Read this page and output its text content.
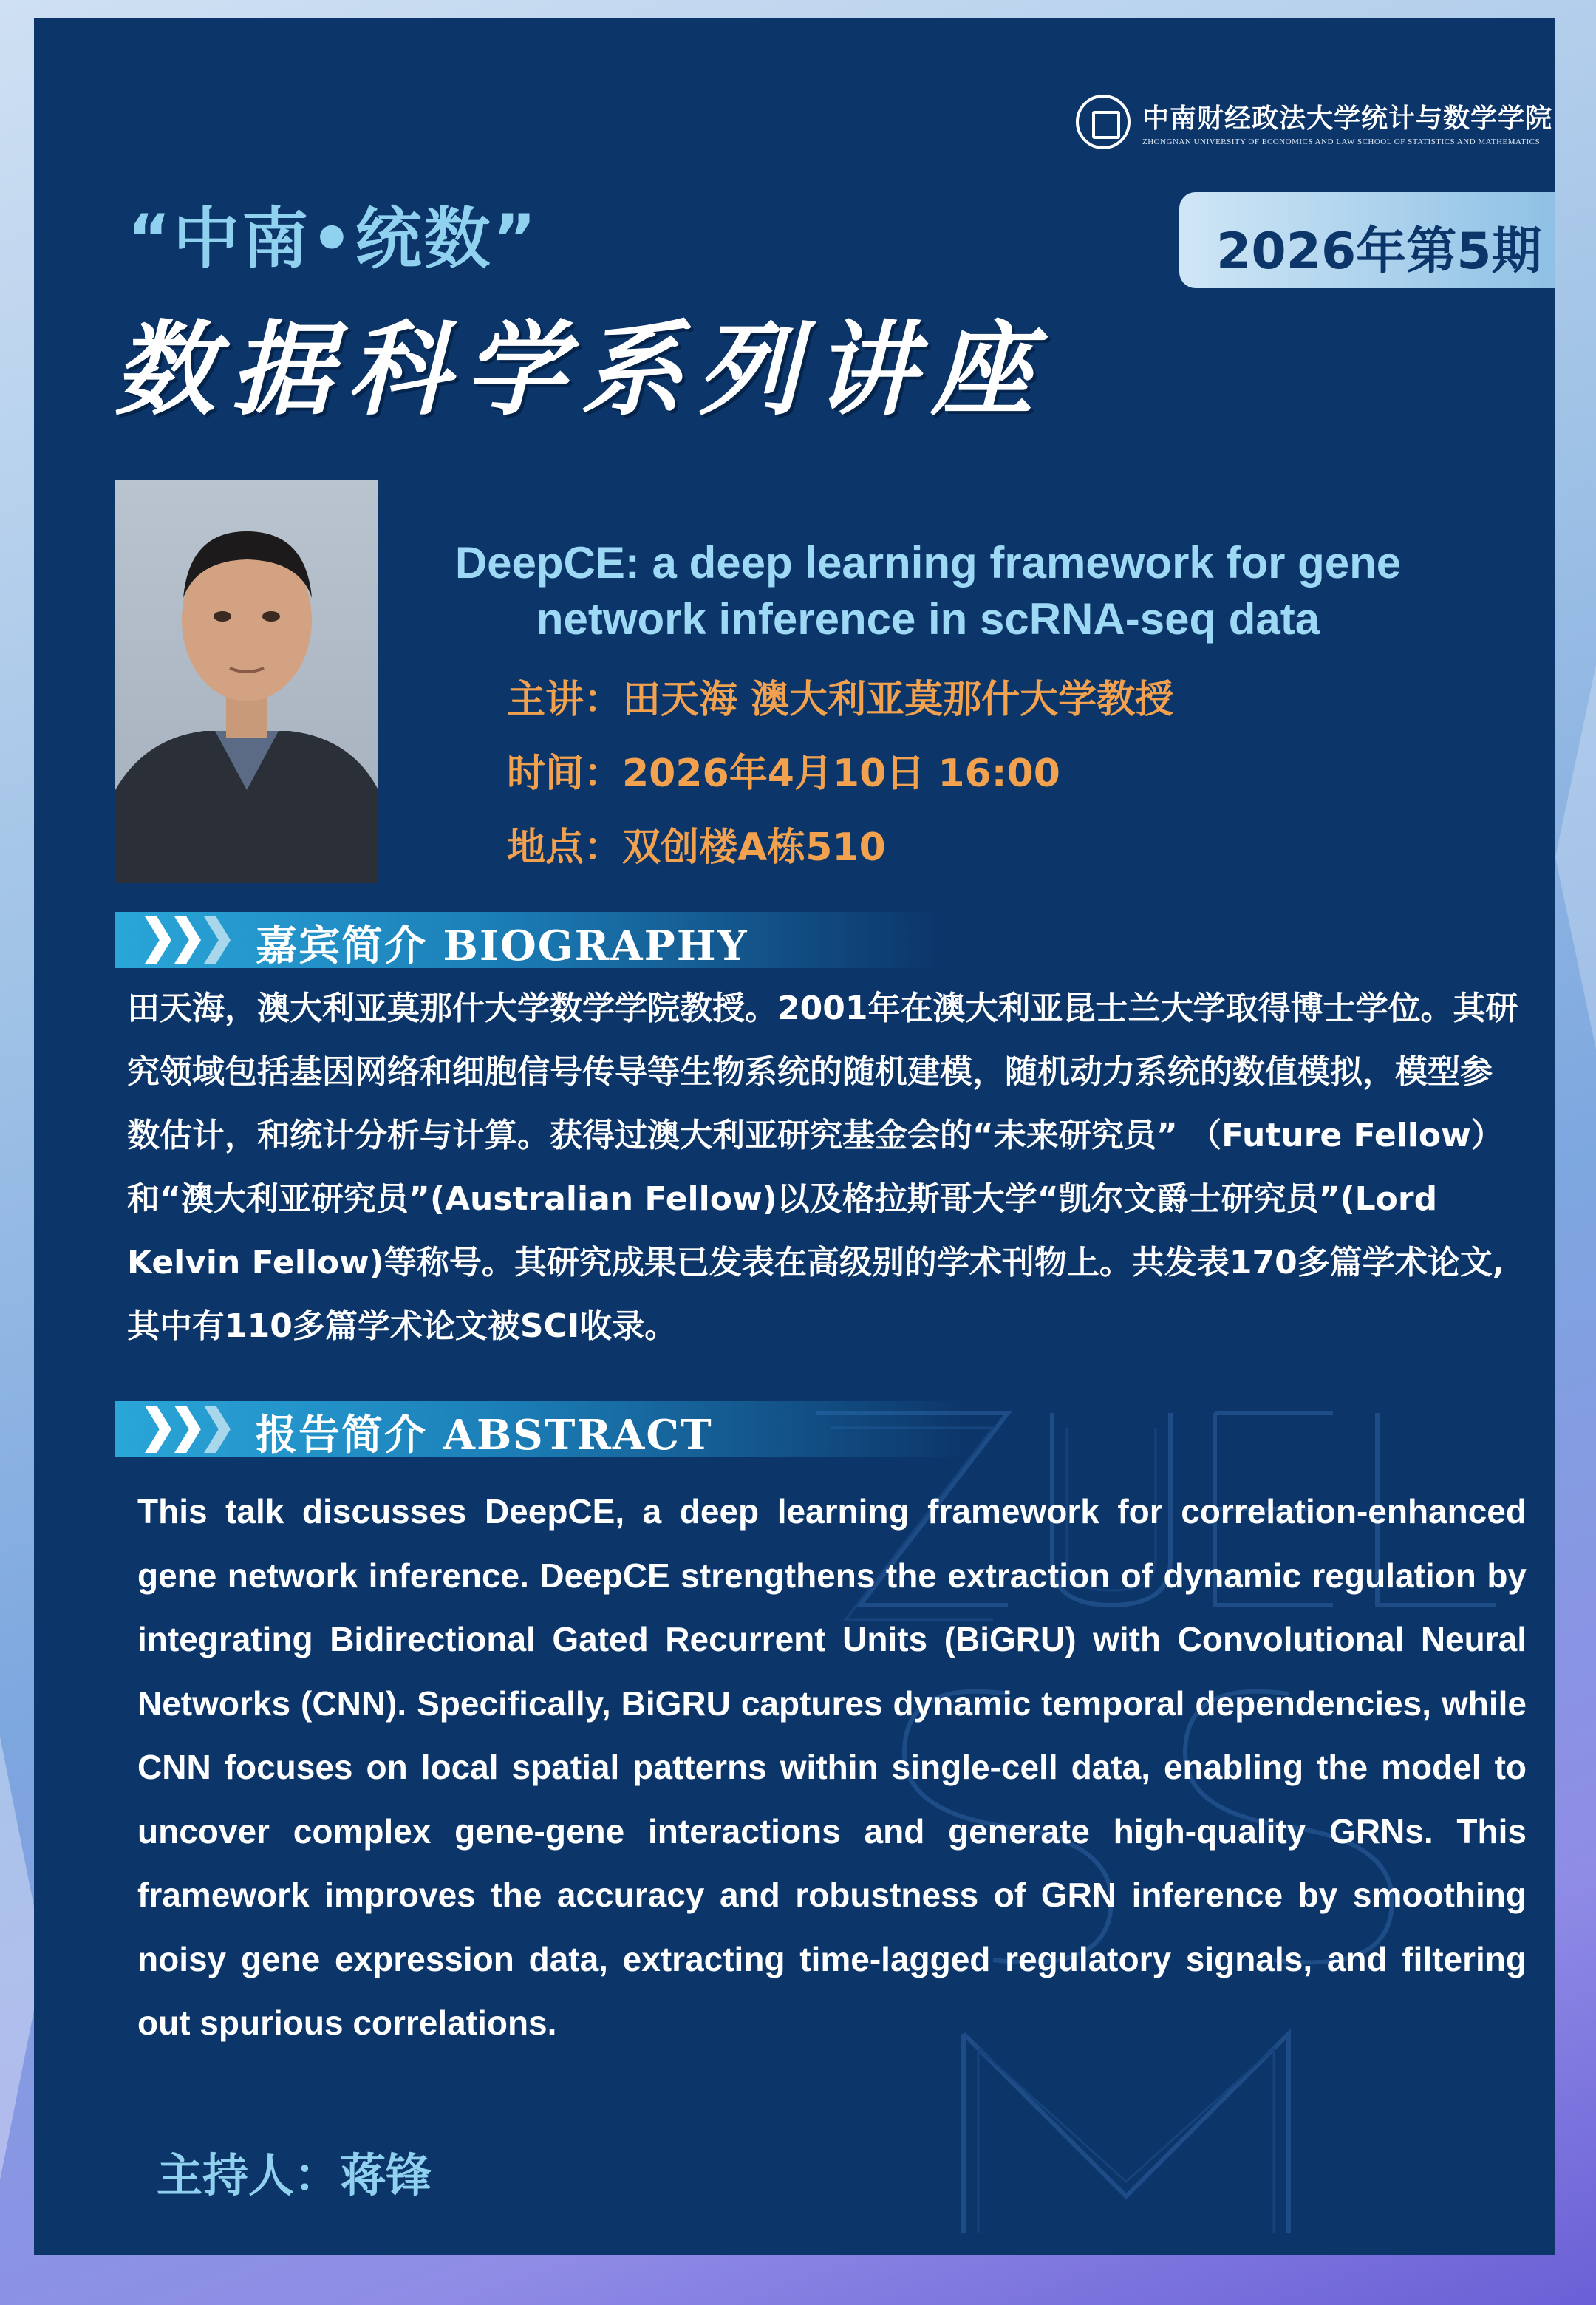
中南财经政法大学统计与数学学院
ZHONGNAN UNIVERSITY OF ECONOMICS AND LAW SCHOOL OF STATISTICS AND MATHEMATICS
“中南•统数”
数据科学系列讲座
2026年第5期
DeepCE: a deep learning framework for gene network inference in scRNA-seq data
主讲：田天海 澳大利亚莫那什大学教授
时间：2026年4月10日 16:00
地点：双创楼A栋510
嘉宾简介 BIOGRAPHY
田天海，澳大利亚莫那什大学数学学院教授。2001年在澳大利亚昆士兰大学取得博士学位。其研究领域包括基因网络和细胞信号传导等生物系统的随机建模，随机动力系统的数值模拟，模型参数估计，和统计分析与计算。获得过澳大利亚研究基金会的“未来研究员” （Future Fellow）和“澳大利亚研究员”(Australian Fellow)以及格拉斯哥大学“凯尔文爵士研究员”(Lord Kelvin Fellow)等称号。其研究成果已发表在高级别的学术刊物上。共发表170多篇学术论文,其中有110多篇学术论文被SCI收录。
报告简介 ABSTRACT
This talk discusses DeepCE, a deep learning framework for correlation-enhanced gene network inference. DeepCE strengthens the extraction of dynamic regulation by integrating Bidirectional Gated Recurrent Units (BiGRU) with Convolutional Neural Networks (CNN). Specifically, BiGRU captures dynamic temporal dependencies, while CNN focuses on local spatial patterns within single-cell data, enabling the model to uncover complex gene-gene interactions and generate high-quality GRNs. This framework improves the accuracy and robustness of GRN inference by smoothing noisy gene expression data, extracting time-lagged regulatory signals, and filtering out spurious correlations.
主持人：蒋锋
